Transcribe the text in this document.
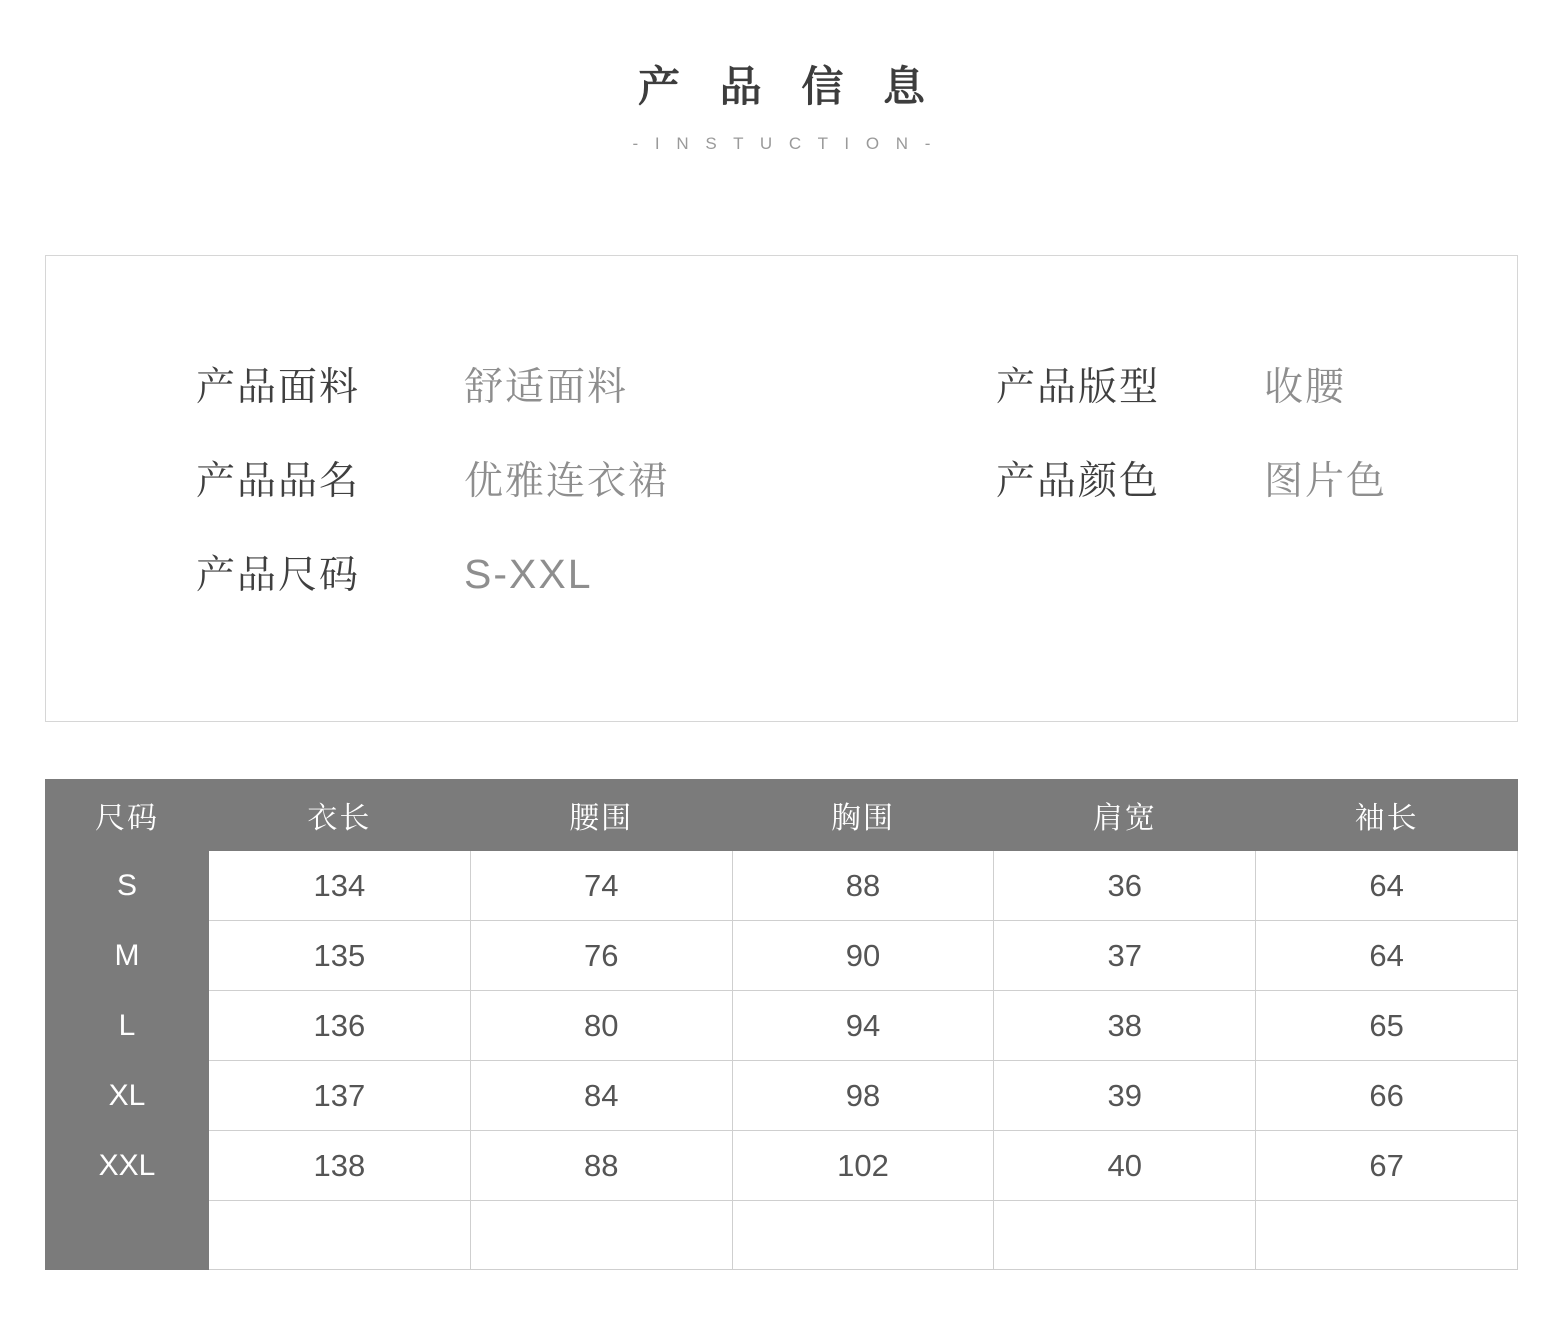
产 品 信 息
- I N S T U C T I O N -
产品面料	舒适面料	产品版型	收腰
产品品名	优雅连衣裙	产品颜色	图片色
产品尺码	S-XXL
尺码	衣长	腰围	胸围	肩宽	袖长
S	134	74	88	36	64
M	135	76	90	37	64
L	136	80	94	38	65
XL	137	84	98	39	66
XXL	138	88	102	40	67
